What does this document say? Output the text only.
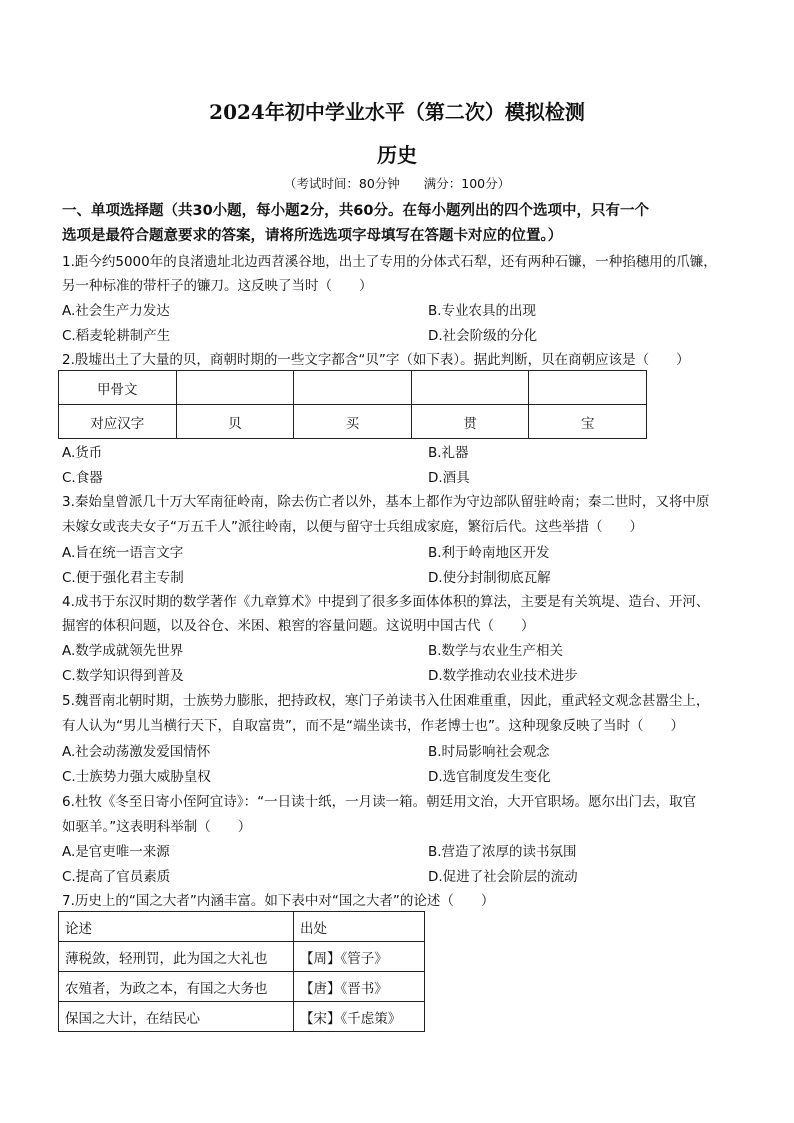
2024年初中学业水平（第二次）模拟检测
历史
（考试时间：80分钟 满分：100分）
一、单项选择题（共30小题，每小题2分，共60分。在每小题列出的四个选项中，只有一个
选项是最符合题意要求的答案，请将所选选项字母填写在答题卡对应的位置。）
1.距今约5000年的良渚遗址北边西苕溪谷地，出土了专用的分体式石犁，还有两种石镰，一种掐穗用的爪镰，
另一种标准的带杆子的镰刀。这反映了当时（　　）
A.社会生产力发达	B.专业农具的出现
C.稻麦轮耕制产生	D.社会阶级的分化
2.殷墟出土了大量的贝，商朝时期的一些文字都含“贝”字（如下表）。据此判断，贝在商朝应该是（　　）
甲骨文				
对应汉字	贝	买	贯	宝
A.货币	B.礼器
C.食器	D.酒具
3.秦始皇曾派几十万大军南征岭南，除去伤亡者以外，基本上都作为守边部队留驻岭南；秦二世时，又将中原
未嫁女或丧夫女子“万五千人”派往岭南，以便与留守士兵组成家庭，繁衍后代。这些举措（　　）
A.旨在统一语言文字	B.利于岭南地区开发
C.便于强化君主专制	D.使分封制彻底瓦解
4.成书于东汉时期的数学著作《九章算术》中提到了很多多面体体积的算法，主要是有关筑堤、造台、开河、
掘窖的体积问题，以及谷仓、米困、粮窖的容量问题。这说明中国古代（　　）
A.数学成就领先世界	B.数学与农业生产相关
C.数学知识得到普及	D.数学推动农业技术进步
5.魏晋南北朝时期，士族势力膨胀，把持政权，寒门子弟读书入仕困难重重，因此，重武轻文观念甚嚣尘上，
有人认为“男儿当横行天下，自取富贵”，而不是“端坐读书，作老博士也”。这种现象反映了当时（　　）
A.社会动荡激发爱国情怀	B.时局影响社会观念
C.士族势力强大威胁皇权	D.选官制度发生变化
6.杜牧《冬至日寄小侄阿宜诗》：“一日读十纸，一月读一箱。朝廷用文治，大开官职场。愿尔出门去，取官
如驱羊。”这表明科举制（　　）
A.是官吏唯一来源	B.营造了浓厚的读书氛围
C.提高了官员素质	D.促进了社会阶层的流动
7.历史上的“国之大者”内涵丰富。如下表中对“国之大者”的论述（　　）
论述	出处
薄税敛，轻刑罚，此为国之大礼也	【周】《管子》
农殖者，为政之本，有国之大务也	【唐】《晋书》
保国之大计，在结民心	【宋】《千虑策》
